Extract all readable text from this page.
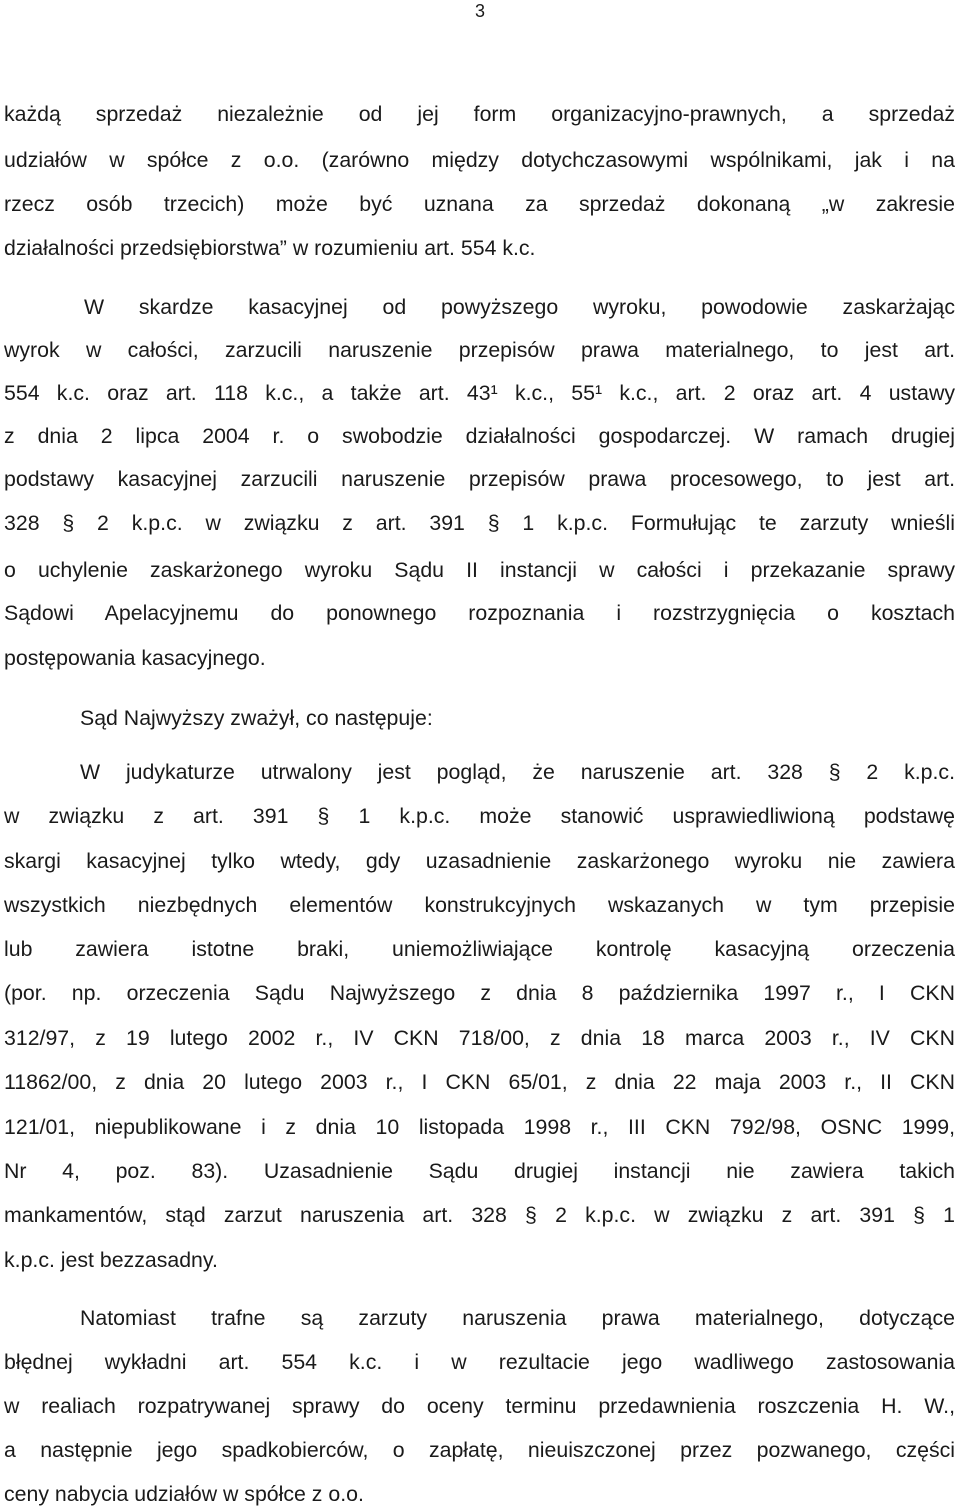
3
każdą sprzedaż niezależnie od jej form organizacyjno-prawnych, a sprzedaż
udziałów w spółce z o.o. (zarówno między dotychczasowymi wspólnikami, jak i na
rzecz osób trzecich) może być uznana za sprzedaż dokonaną „w zakresie
działalności przedsiębiorstwa” w rozumieniu art. 554 k.c.
W skardze kasacyjnej od powyższego wyroku, powodowie zaskarżając
wyrok w całości, zarzucili naruszenie przepisów prawa materialnego, to jest art.
554 k.c. oraz art. 118 k.c., a także art. 43¹ k.c., 55¹ k.c., art. 2 oraz art. 4 ustawy
z dnia 2 lipca 2004 r. o swobodzie działalności gospodarczej. W ramach drugiej
podstawy kasacyjnej zarzucili naruszenie przepisów prawa procesowego, to jest art.
328 § 2 k.p.c. w związku z art. 391 § 1 k.p.c. Formułując te zarzuty wnieśli
o uchylenie zaskarżonego wyroku Sądu II instancji w całości i przekazanie sprawy
Sądowi Apelacyjnemu do ponownego rozpoznania i rozstrzygnięcia o kosztach
postępowania kasacyjnego.
Sąd Najwyższy zważył, co następuje:
W judykaturze utrwalony jest pogląd, że naruszenie art. 328 § 2 k.p.c.
w związku z art. 391 § 1 k.p.c. może stanowić usprawiedliwioną podstawę
skargi kasacyjnej tylko wtedy, gdy uzasadnienie zaskarżonego wyroku nie zawiera
wszystkich niezbędnych elementów konstrukcyjnych wskazanych w tym przepisie
lub zawiera istotne braki, uniemożliwiające kontrolę kasacyjną orzeczenia
(por. np. orzeczenia Sądu Najwyższego z dnia 8 października 1997 r., I CKN
312/97, z 19 lutego 2002 r., IV CKN 718/00, z dnia 18 marca 2003 r., IV CKN
11862/00, z dnia 20 lutego 2003 r., I CKN 65/01, z dnia 22 maja 2003 r., II CKN
121/01, niepublikowane i z dnia 10 listopada 1998 r., III CKN 792/98, OSNC 1999,
Nr 4, poz. 83). Uzasadnienie Sądu drugiej instancji nie zawiera takich
mankamentów, stąd zarzut naruszenia art. 328 § 2 k.p.c. w związku z art. 391 § 1
k.p.c. jest bezzasadny.
Natomiast trafne są zarzuty naruszenia prawa materialnego, dotyczące
błędnej wykładni art. 554 k.c. i w rezultacie jego wadliwego zastosowania
w realiach rozpatrywanej sprawy do oceny terminu przedawnienia roszczenia H. W.,
a następnie jego spadkobierców, o zapłatę, nieuiszczonej przez pozwanego, części
ceny nabycia udziałów w spółce z o.o.
